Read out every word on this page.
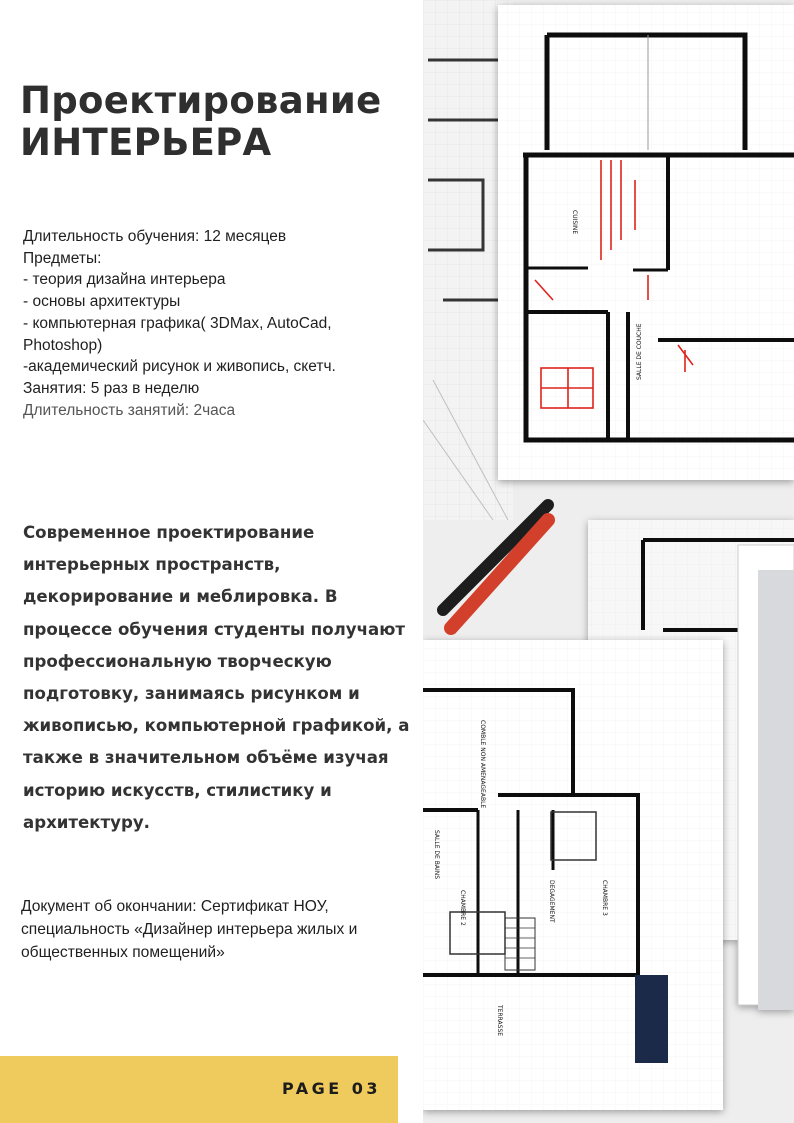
Проектирование
ИНТЕРЬЕРА
Длительность обучения: 12 месяцев
Предметы:
- теория дизайна интерьера
- основы архитектуры
- компьютерная графика( 3DMax, AutoCad,
Photoshop)
-академический рисунок и живопись, скетч.
Занятия: 5 раз в неделю
Длительность занятий: 2часа
Современное проектирование
интерьерных пространств,
декорирование и меблировка. В
процессе обучения студенты получают
профессиональную творческую
подготовку, занимаясь рисунком и
живописью, компьютерной графикой, а
также в значительном объёме изучая
историю искусств, стилистику и
архитектуру.
Документ об окончании: Сертификат НОУ,
специальность «Дизайнер интерьера жилых и
общественных помещений»
PAGE 03
CUISINE
SALLE DE COUCHE
CHAMBRE 2	CHAMBRE 3
DEGAGEMENT
SALLE DE BAINS
TERRASSE
COMBLE NON AMENAGEABLE
